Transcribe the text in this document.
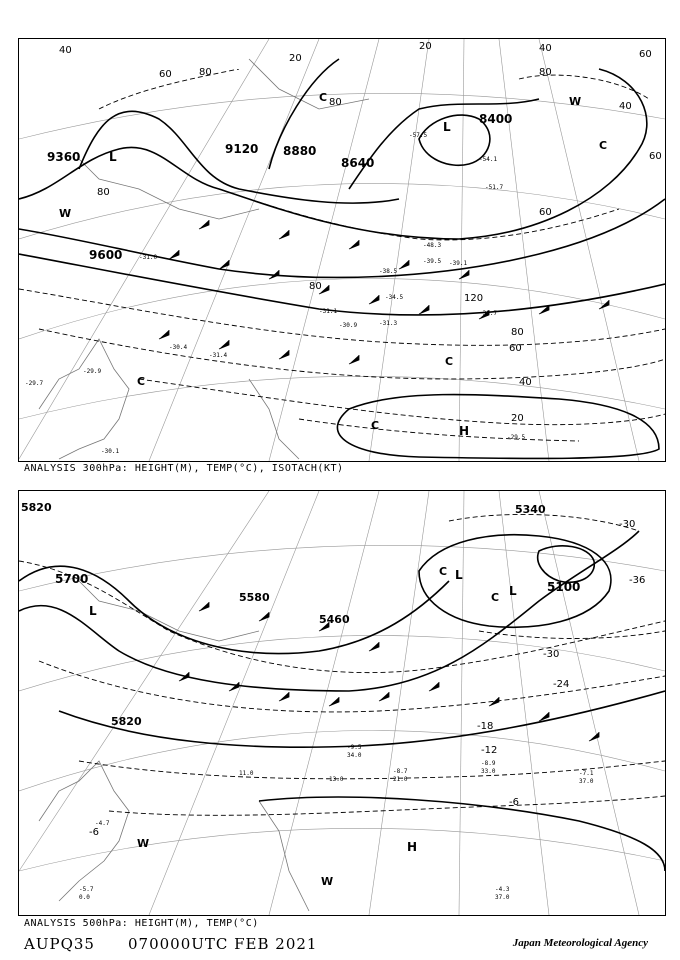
9360
9120 8880
8640
8400
9600
120
80
60
40
20
40
60	80
60
40
20
20
60
80
80
80
60
40
80
L
L
H
W
W
C
C
C
C
C
-29.5
-30.7
-30.9	-31.3
-39.1
-39.5
-48.3
-54.1
-57.5
-51.7
-31.4
-30.4
-29.9
-30.1
-29.7
-31.0
-31.1
-38.5
-34.5
ANALYSIS 300hPa: HEIGHT(M), TEMP(°C), ISOTACH(KT)
5820
5700
5580
5460
5340
5100
5820
-30
-36
-30
-24
-18
-12
-6
-6
-4.3
37.0
-8.9
33.0	-7.1
37.0
-8.7
21.0
-9.5
34.0
-5.7
0.0
-4.7
13.0
11.0
L
L
L
H
W
W
C
C
ANALYSIS 500hPa: HEIGHT(M), TEMP(°C)
AUPQ35 070000UTC FEB 2021	Japan Meteorological Agency
